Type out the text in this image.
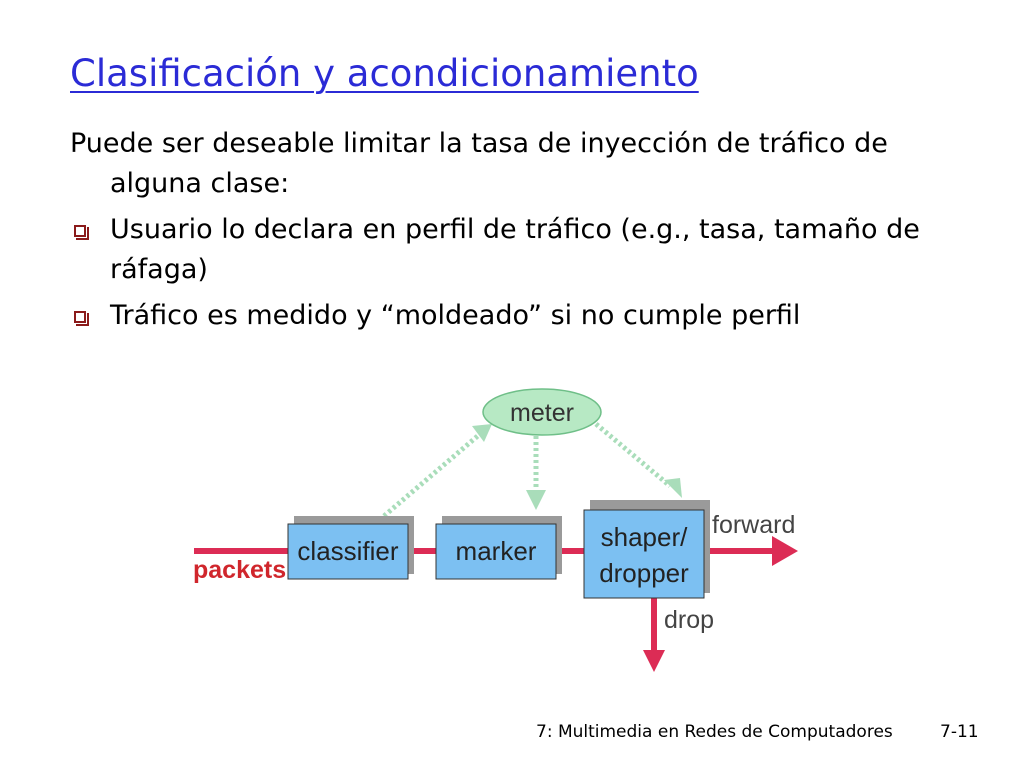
Clasificación y acondicionamiento

Puede ser deseable limitar la tasa de inyección de tráfico de alguna clase:

Usuario lo declara en perfil de tráfico (e.g., tasa, tamaño de ráfaga)
Tráfico es medido y “moldeado” si no cumple perfil
meter
classifier marker shaper/
dropper
packets
forward
drop
7: Multimedia en Redes de Computadores	7-11
